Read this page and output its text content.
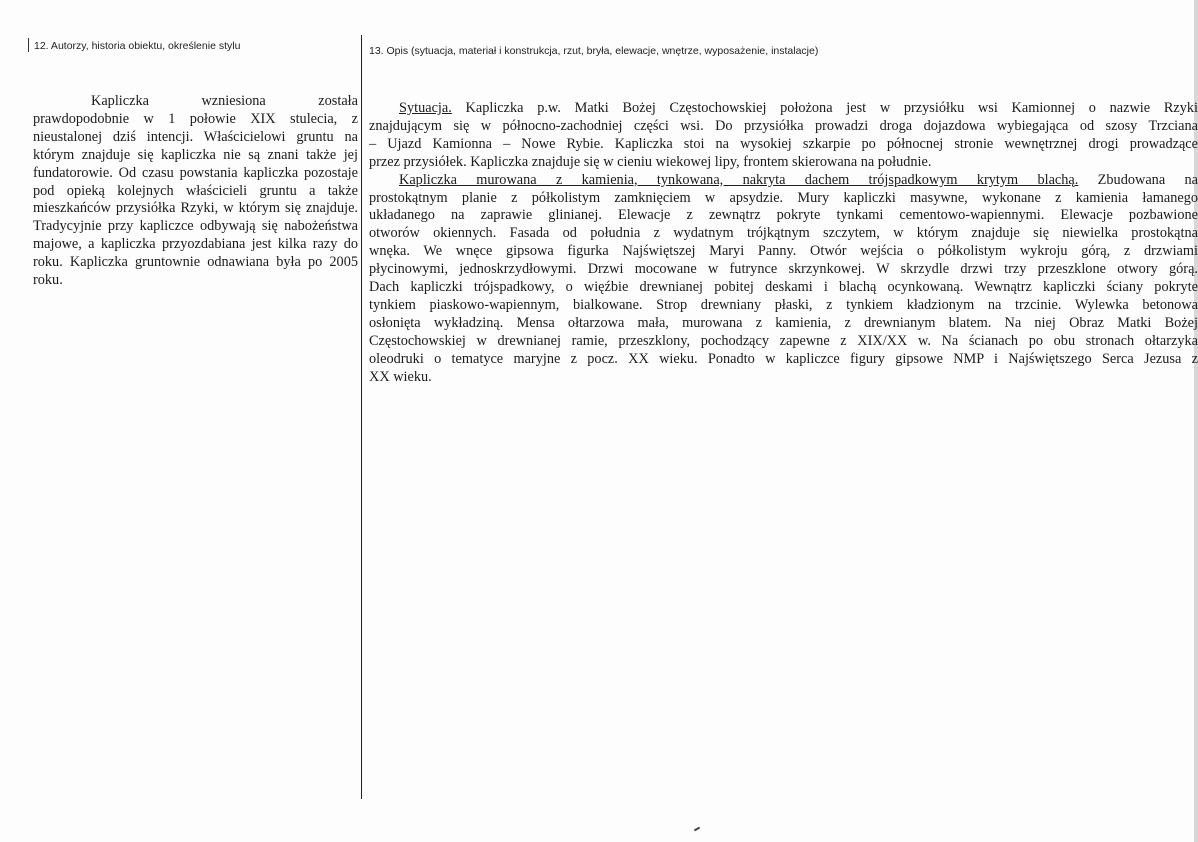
12. Autorzy, historia obiektu, określenie stylu	13. Opis (sytuacja, materiał i konstrukcja, rzut, bryła, elewacje, wnętrze, wyposażenie, instalacje)

Kapliczka wzniesiona została prawdopodobnie w 1 połowie XIX stulecia, z nieustalonej dziś intencji. Właścicielowi gruntu na którym znajduje się kapliczka nie są znani także jej fundatorowie. Od czasu powstania kapliczka pozostaje pod opieką kolejnych właścicieli gruntu a także mieszkańców przysiółka Rzyki, w którym się znajduje. Tradycyjnie przy kapliczce odbywają się nabożeństwa majowe, a kapliczka przyozdabiana jest kilka razy do roku. Kapliczka gruntownie odnawiana była po 2005 roku.

Sytuacja. Kapliczka p.w. Matki Bożej Częstochowskiej położona jest w przysiółku wsi Kamionnej o nazwie Rzyki
znajdującym się w północno-zachodniej części wsi. Do przysiółka prowadzi droga dojazdowa wybiegająca od szosy Trzciana
– Ujazd Kamionna – Nowe Rybie. Kapliczka stoi na wysokiej szkarpie po północnej stronie wewnętrznej drogi prowadzące
przez przysiółek. Kapliczka znajduje się w cieniu wiekowej lipy, frontem skierowana na południe.
Kapliczka murowana z kamienia, tynkowana, nakryta dachem trójspadkowym krytym blachą. Zbudowana na
prostokątnym planie z półkolistym zamknięciem w apsydzie. Mury kapliczki masywne, wykonane z kamienia łamanego
układanego na zaprawie glinianej. Elewacje z zewnątrz pokryte tynkami cementowo-wapiennymi. Elewacje pozbawione
otworów okiennych. Fasada od południa z wydatnym trójkątnym szczytem, w którym znajduje się niewielka prostokątna
wnęka. We wnęce gipsowa figurka Najświętszej Maryi Panny. Otwór wejścia o półkolistym wykroju górą, z drzwiami
płycinowymi, jednoskrzydłowymi. Drzwi mocowane w futrynce skrzynkowej. W skrzydle drzwi trzy przeszklone otwory górą.
Dach kapliczki trójspadkowy, o więźbie drewnianej pobitej deskami i blachą ocynkowaną. Wewnątrz kapliczki ściany pokryte
tynkiem piaskowo-wapiennym, bialkowane. Strop drewniany płaski, z tynkiem kładzionym na trzcinie. Wylewka betonowa
osłonięta wykładziną. Mensa ołtarzowa mała, murowana z kamienia, z drewnianym blatem. Na niej Obraz Matki Bożej
Częstochowskiej w drewnianej ramie, przeszklony, pochodzący zapewne z XIX/XX w. Na ścianach po obu stronach ołtarzyka
oleodruki o tematyce maryjne z pocz. XX wieku. Ponadto w kapliczce figury gipsowe NMP i Najświętszego Serca Jezusa z
XX wieku.
